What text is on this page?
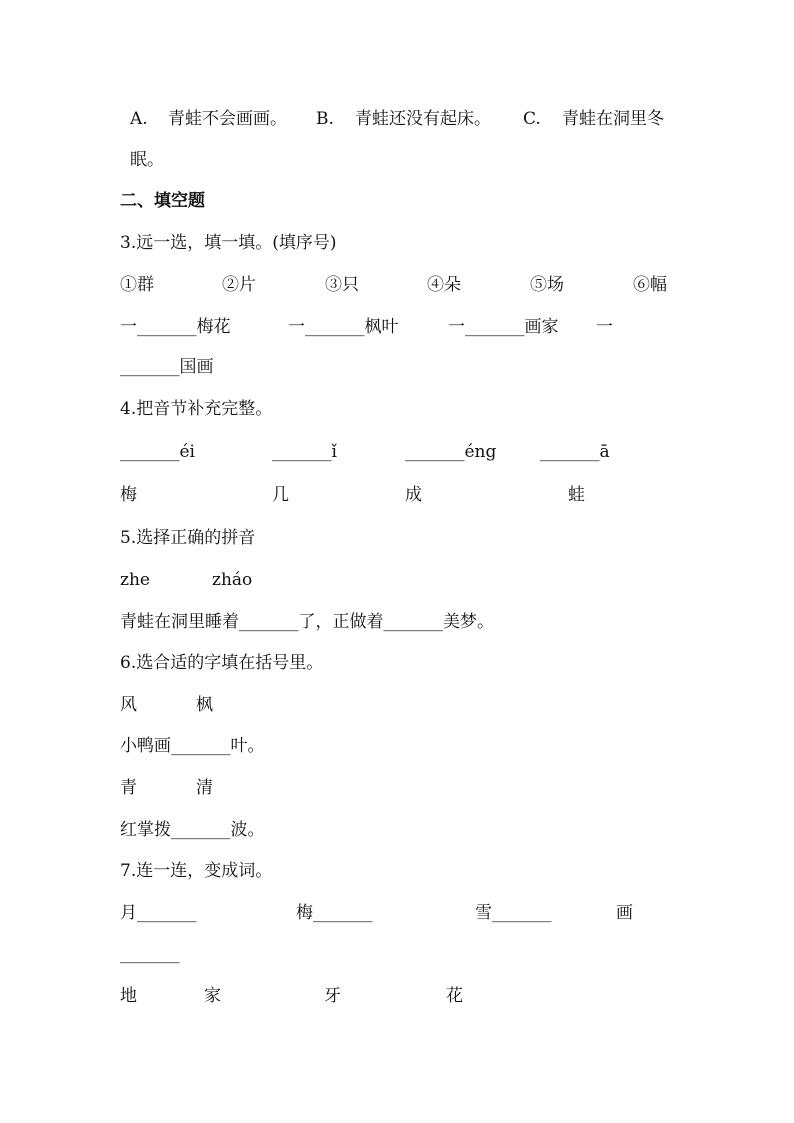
A. 青蛙不会画画。 B. 青蛙还没有起床。 C. 青蛙在洞里冬
眠。
二、填空题
3.远一选，填一填。(填序号)
①群	②片	③只	④朵	⑤场	⑥幅
一_______梅花	一_______枫叶	一_______画家 一
_______国画
4.把音节补充完整。
_______éi	_______ǐ	_______éng	_______ā
梅	几	成	蛙
5.选择正确的拼音
zhe	zháo
青蛙在洞里睡着_______了，正做着_______美梦。
6.选合适的字填在括号里。
风	枫
小鸭画_______叶。
青	清
红掌拨_______波。
7.连一连，变成词。
月_______	梅_______	雪_______	画
_______
地	家	牙	花
